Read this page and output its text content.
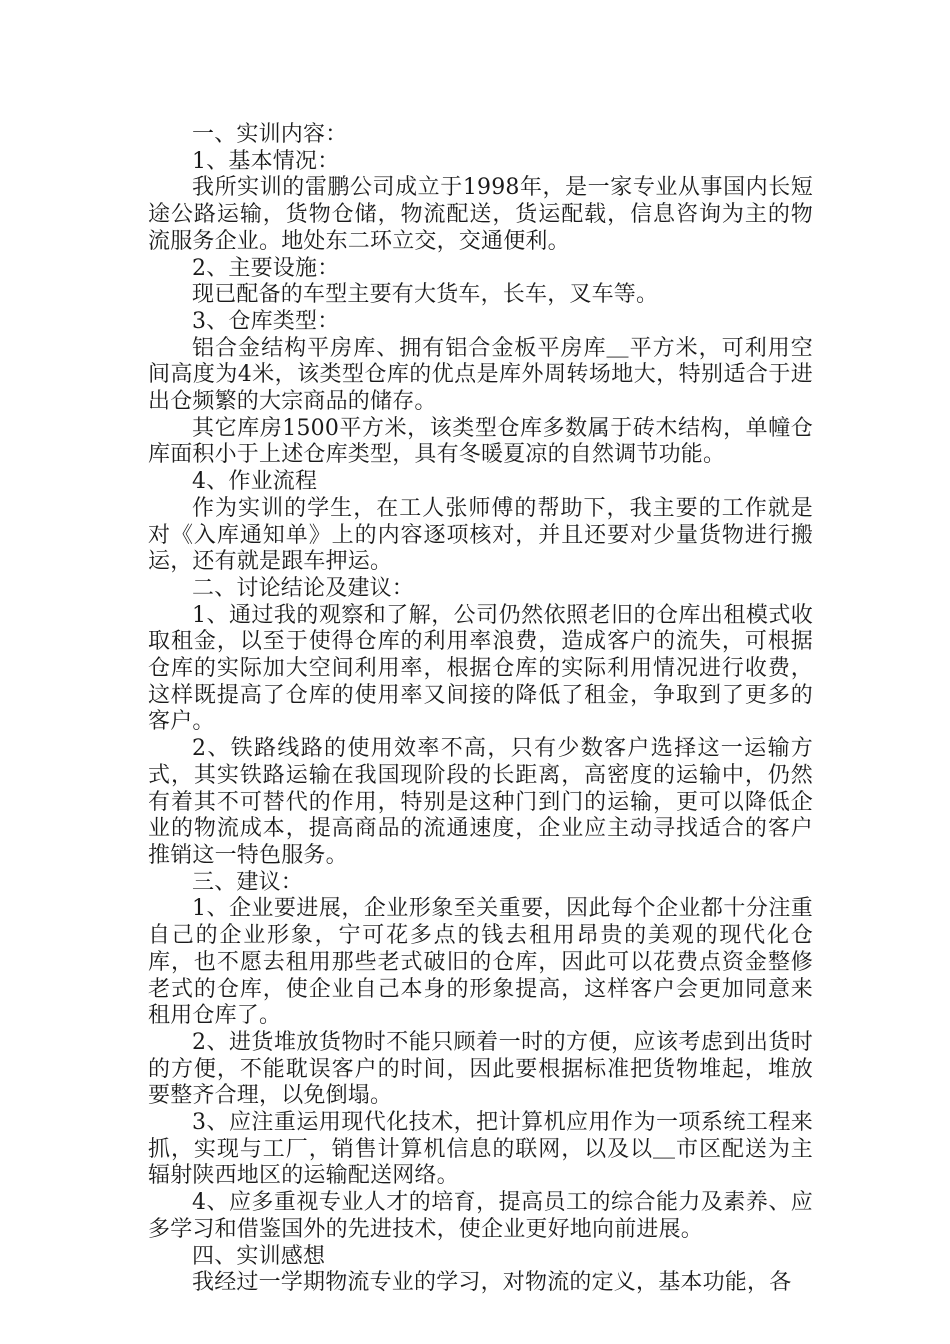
一、实训内容：

1、基本情况：

我所实训的雷鹏公司成立于1998年，是一家专业从事国内长短途公路运输，货物仓储，物流配送，货运配载，信息咨询为主的物流服务企业。地处东二环立交，交通便利。

2、主要设施：

现已配备的车型主要有大货车，长车，叉车等。

3、仓库类型：

铝合金结构平房库、拥有铝合金板平房库＿平方米，可利用空间高度为4米，该类型仓库的优点是库外周转场地大，特别适合于进出仓频繁的大宗商品的储存。

其它库房1500平方米，该类型仓库多数属于砖木结构，单幢仓库面积小于上述仓库类型，具有冬暖夏凉的自然调节功能。

4、作业流程

作为实训的学生，在工人张师傅的帮助下，我主要的工作就是对《入库通知单》上的内容逐项核对，并且还要对少量货物进行搬运，还有就是跟车押运。

二、讨论结论及建议：

1、通过我的观察和了解，公司仍然依照老旧的仓库出租模式收取租金，以至于使得仓库的利用率浪费，造成客户的流失，可根据仓库的实际加大空间利用率，根据仓库的实际利用情况进行收费，这样既提高了仓库的使用率又间接的降低了租金，争取到了更多的客户。

2、铁路线路的使用效率不高，只有少数客户选择这一运输方式，其实铁路运输在我国现阶段的长距离，高密度的运输中，仍然有着其不可替代的作用，特别是这种门到门的运输，更可以降低企业的物流成本，提高商品的流通速度，企业应主动寻找适合的客户推销这一特色服务。

三、建议：

1、企业要进展，企业形象至关重要，因此每个企业都十分注重自己的企业形象，宁可花多点的钱去租用昂贵的美观的现代化仓库，也不愿去租用那些老式破旧的仓库，因此可以花费点资金整修老式的仓库，使企业自己本身的形象提高，这样客户会更加同意来租用仓库了。

2、进货堆放货物时不能只顾着一时的方便，应该考虑到出货时的方便，不能耽误客户的时间，因此要根据标准把货物堆起，堆放要整齐合理，以免倒塌。

3、应注重运用现代化技术，把计算机应用作为一项系统工程来抓，实现与工厂，销售计算机信息的联网，以及以＿市区配送为主辐射陕西地区的运输配送网络。

4、应多重视专业人才的培育，提高员工的综合能力及素养、应多学习和借鉴国外的先进技术，使企业更好地向前进展。

四、实训感想

我经过一学期物流专业的学习，对物流的定义，基本功能，各
